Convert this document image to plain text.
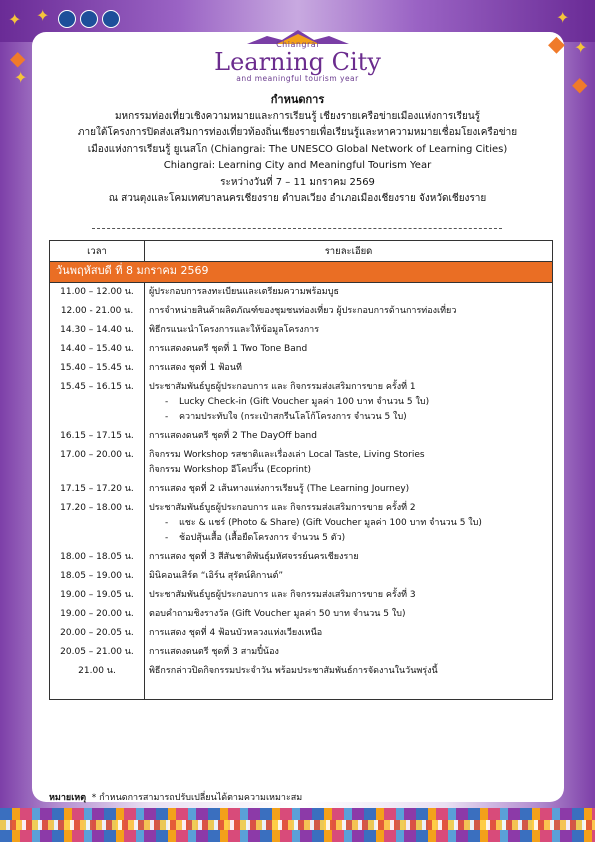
✦ ✦
◆
✦
✦
◆ ✦
◆
Chiangrai
Learning City
and meaningful tourism year
กำหนดการ
มหกรรมท่องเที่ยวเชิงความหมายและการเรียนรู้ เชียงรายเครือข่ายเมืองแห่งการเรียนรู้
ภายใต้โครงการปิดส่งเสริมการท่องเที่ยวท้องถิ่นเชียงรายเพื่อเรียนรู้และหาความหมายเชื่อมโยงเครือข่าย
เมืองแห่งการเรียนรู้ ยูเนสโก (Chiangrai: The UNESCO Global Network of Learning Cities)
Chiangrai: Learning City and Meaningful Tourism Year
ระหว่างวันที่ 7 – 11 มกราคม 2569
ณ สวนตุงและโคมเทศบาลนครเชียงราย ตำบลเวียง อำเภอเมืองเชียงราย จังหวัดเชียงราย
เวลา	รายละเอียด
วันพฤหัสบดี ที่ 8 มกราคม 2569	
11.00 – 12.00 น.	ผู้ประกอบการลงทะเบียนและเตรียมความพร้อมบูธ

12.00 - 21.00 น.	การจำหน่ายสินค้าผลิตภัณฑ์ของชุมชนท่องเที่ยว ผู้ประกอบการด้านการท่องเที่ยว

14.30 – 14.40 น.	พิธีกรแนะนำโครงการและให้ข้อมูลโครงการ

14.40 – 15.40 น.	การแสดงดนตรี ชุดที่ 1 Two Tone Band

15.40 – 15.45 น.	การแสดง ชุดที่ 1 ฟ้อนที

15.45 – 16.15 น.	ประชาสัมพันธ์บูธผู้ประกอบการ และ กิจกรรมส่งเสริมการขาย ครั้งที่ 1
- Lucky Check-in (Gift Voucher มูลค่า 100 บาท จำนวน 5 ใบ)
- ความประทับใจ (กระเป๋าสกรีนโลโก้โครงการ จำนวน 5 ใบ)

16.15 – 17.15 น.	การแสดงดนตรี ชุดที่ 2 The DayOff band

17.00 – 20.00 น.	กิจกรรม Workshop รสชาติและเรื่องเล่า Local Taste, Living Stories
กิจกรรม Workshop อีโคปริ้น (Ecoprint)

17.15 – 17.20 น.	การแสดง ชุดที่ 2 เส้นทางแห่งการเรียนรู้ (The Learning Journey)

17.20 – 18.00 น.	ประชาสัมพันธ์บูธผู้ประกอบการ และ กิจกรรมส่งเสริมการขาย ครั้งที่ 2
- แชะ & แชร์ (Photo & Share) (Gift Voucher มูลค่า 100 บาท จำนวน 5 ใบ)
- ช้อปสุ้นเสื้อ (เสื้อยืดโครงการ จำนวน 5 ตัว)

18.00 – 18.05 น.	การแสดง ชุดที่ 3 สีสันชาติพันธุ์มหัศจรรย์นครเชียงราย

18.05 – 19.00 น.	มินิคอนเสิร์ต “เอิร์น สุรัตน์ติกานต์”

19.00 – 19.05 น.	ประชาสัมพันธ์บูธผู้ประกอบการ และ กิจกรรมส่งเสริมการขาย ครั้งที่ 3

19.00 – 20.00 น.	ตอบคำถามชิงรางวัล (Gift Voucher มูลค่า 50 บาท จำนวน 5 ใบ)

20.00 – 20.05 น.	การแสดง ชุดที่ 4 ฟ้อนบัวหลวงแห่งเวียงเหนือ

20.05 – 21.00 น.	การแสดงดนตรี ชุดที่ 3 สามปี๋น้อง

21.00 น.	พิธีกรกล่าวปิดกิจกรรมประจำวัน พร้อมประชาสัมพันธ์การจัดงานในวันพรุ่งนี้

หมายเหตุ * กำหนดการสามารถปรับเปลี่ยนได้ตามความเหมาะสม
